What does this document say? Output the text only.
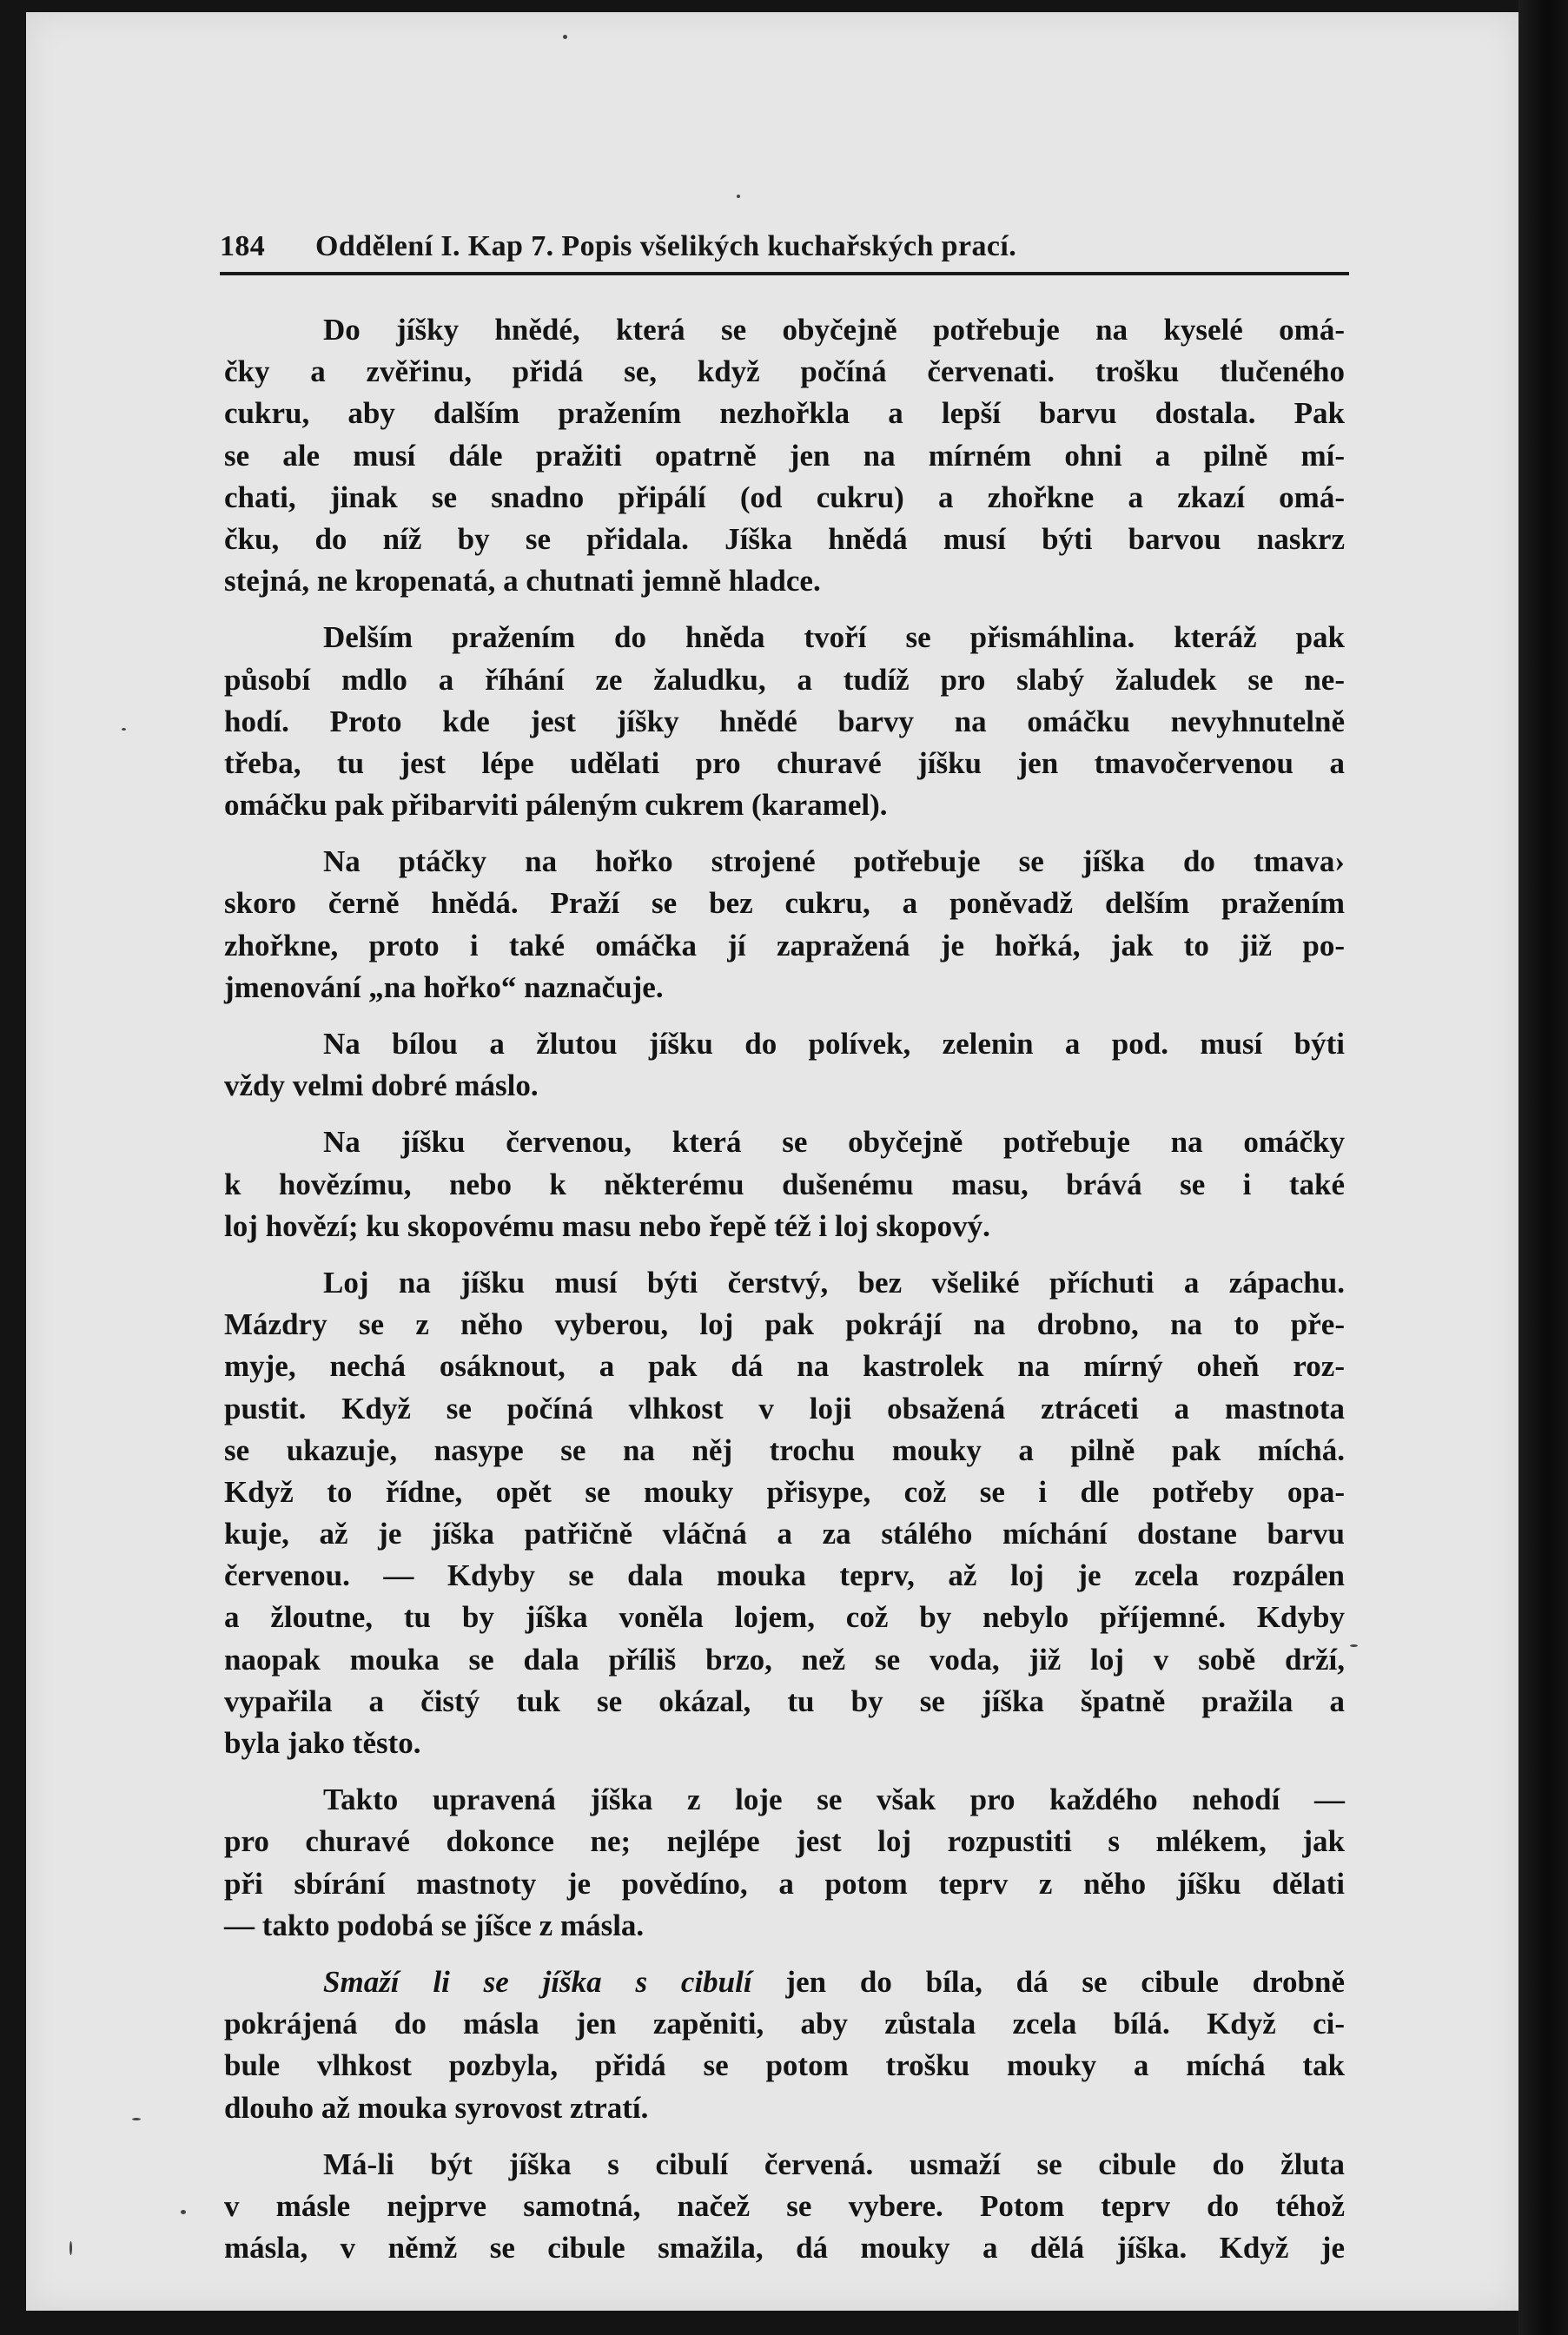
184 Oddělení I. Kap 7. Popis všelikých kuchařských prací.
Do jíšky hnědé, která se obyčejně potřebuje na kyselé omá-
čky a zvěřinu, přidá se, když počíná červenati. trošku tlučeného
cukru, aby dalším pražením nezhořkla a lepší barvu dostala. Pak
se ale musí dále pražiti opatrně jen na mírném ohni a pilně mí-
chati, jinak se snadno připálí (od cukru) a zhořkne a zkazí omá-
čku, do níž by se přidala. Jíška hnědá musí býti barvou naskrz
stejná, ne kropenatá, a chutnati jemně hladce.
Delším pražením do hnědа tvoří se přismáhlina. kteráž pak
působí mdlo a říhání ze žaludku, a tudíž pro slabý žaludek se ne-
hodí. Proto kde jest jíšky hnědé barvy na omáčku nevyhnutelně
třeba, tu jest lépe udělati pro churavé jíšku jen tmavočervenou a
omáčku pak přibarviti páleným cukrem (karamel).
Na ptáčky na hořko strojené potřebuje se jíška do tmava›
skoro černě hnědá. Praží se bez cukru, a poněvadž delším pražením
zhořkne, proto i také omáčka jí zapražená je hořká, jak to již po-
jmenování „na hořko“ naznačuje.
Na bílou a žlutou jíšku do polívek, zelenin a pod. musí býti
vždy velmi dobré máslo.
Na jíšku červenou, která se obyčejně potřebuje na omáčky
k hovězímu, nebo k některému dušenému masu, brává se i také
loj hovězí; ku skopovému masu nebo řepě též i loj skopový.
Loj na jíšku musí býti čerstvý, bez všeliké příchuti a zápachu.
Mázdry se z něho vyberou, loj pak pokrájí na drobno, na to pře-
myje, nechá osáknout, a pak dá na kastrolek na mírný oheň roz-
pustit. Když se počíná vlhkost v loji obsažená ztráceti a mastnota
se ukazuje, nasype se na něj trochu mouky a pilně pak míchá.
Když to řídne, opět se mouky přisype, což se i dle potřeby opa-
kuje, až je jíška patřičně vláčná a za stálého míchání dostane barvu
červenou. — Kdyby se dala mouka teprv, až loj je zcela rozpálen
a žloutne, tu by jíška voněla lojem, což by nebylo příjemné. Kdyby
naopak mouka se dala příliš brzo, než se voda, již loj v sobě drží,
vypařila a čistý tuk se okázal, tu by se jíška špatně pražila a
byla jako těsto.
Takto upravená jíška z loje se však pro každého nehodí —
pro churavé dokonce ne; nejlépe jest loj rozpustiti s mlékem, jak
při sbírání mastnoty je povědíno, a potom teprv z něho jíšku dělati
— takto podobá se jíšce z másla.
Smaží li se jíška s cibulí jen do bíla, dá se cibule drobně
pokrájená do másla jen zapěniti, aby zůstala zcela bílá. Když ci-
bule vlhkost pozbyla, přidá se potom trošku mouky a míchá tak
dlouho až mouka syrovost ztratí.
Má-li být jíška s cibulí červená. usmaží se cibule do žluta
v másle nejprve samotná, načež se vybere. Potom teprv do téhož
másla, v němž se cibule smažila, dá mouky a dělá jíška. Když je
